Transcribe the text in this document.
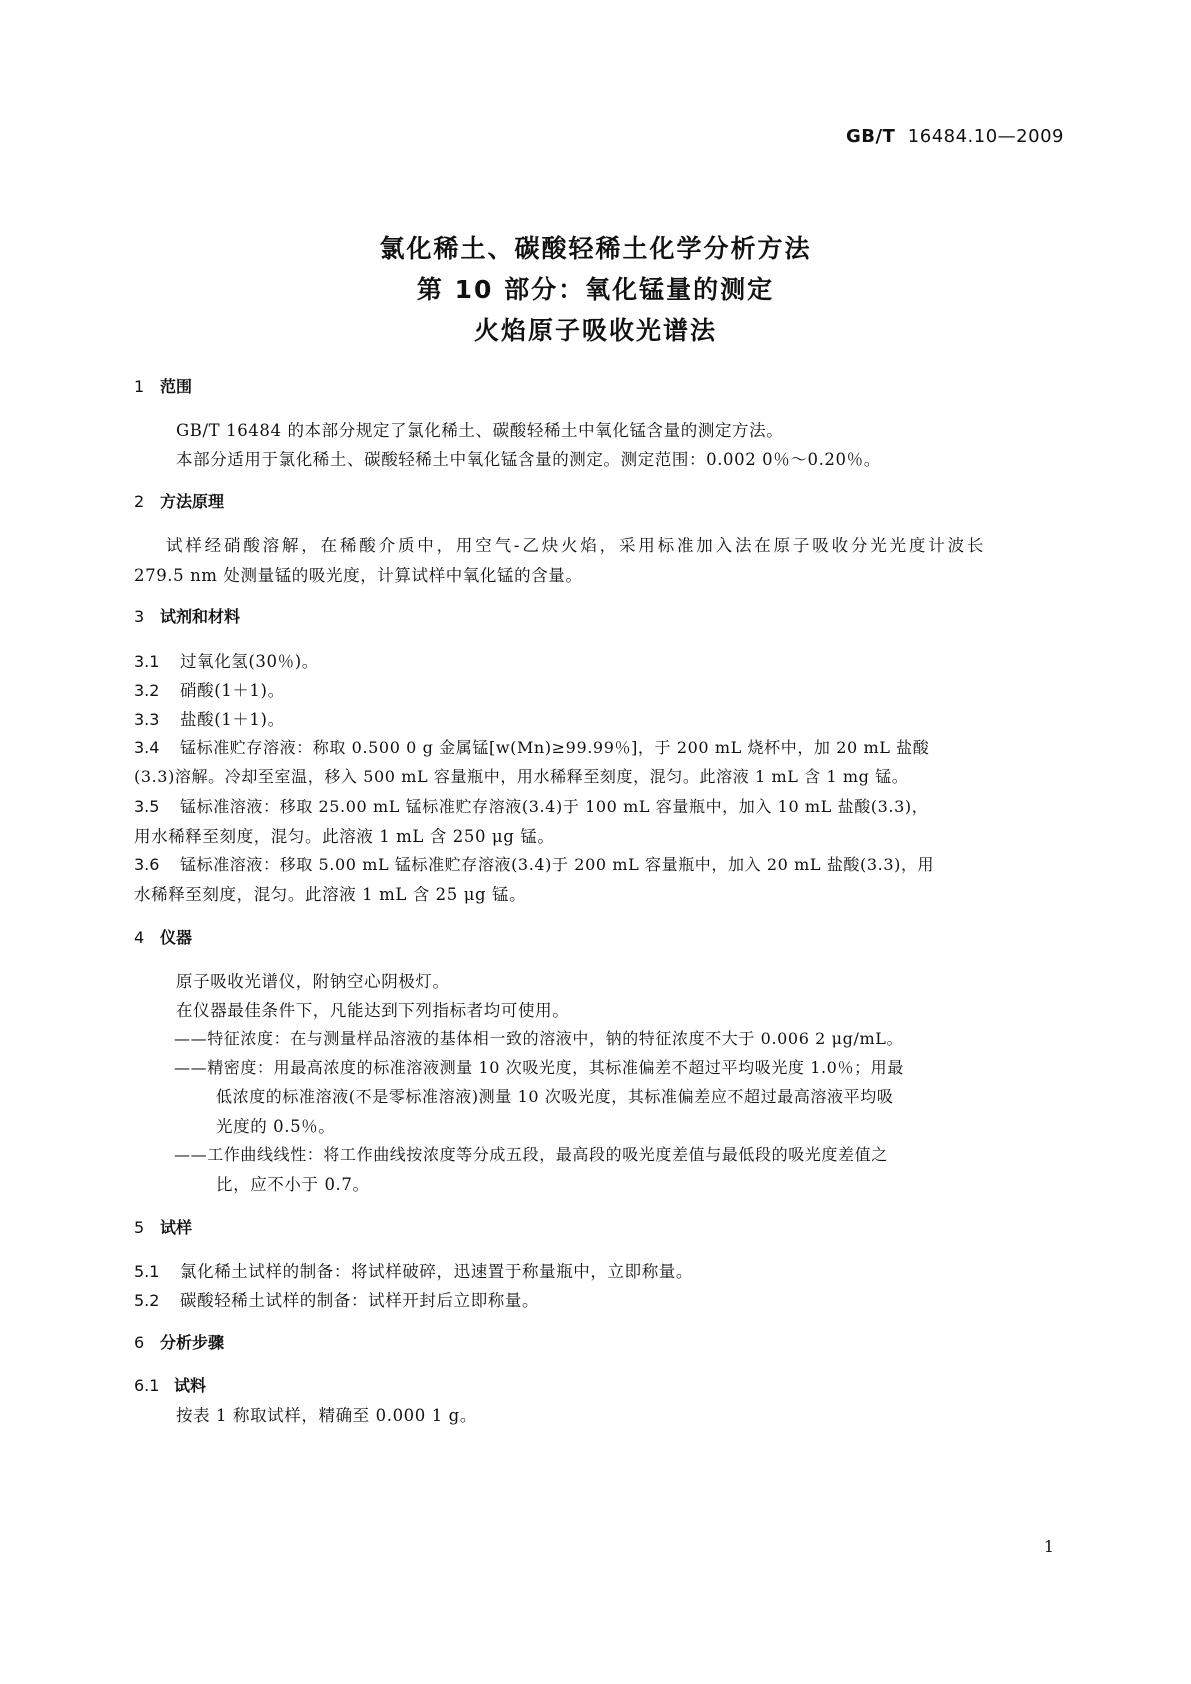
GB/T 16484.10—2009
氯化稀土、碳酸轻稀土化学分析方法
第 10 部分：氧化锰量的测定
火焰原子吸收光谱法
1 范围
GB/T 16484 的本部分规定了氯化稀土、碳酸轻稀土中氧化锰含量的测定方法。
本部分适用于氯化稀土、碳酸轻稀土中氧化锰含量的测定。测定范围：0.002 0％～0.20％。
2 方法原理
试样经硝酸溶解，在稀酸介质中，用空气-乙炔火焰，采用标准加入法在原子吸收分光光度计波长
279.5 nm 处测量锰的吸光度，计算试样中氧化锰的含量。
3 试剂和材料
3.1 过氧化氢(30％)。
3.2 硝酸(1＋1)。
3.3 盐酸(1＋1)。
3.4 锰标准贮存溶液：称取 0.500 0 g 金属锰[w(Mn)≥99.99％]，于 200 mL 烧杯中，加 20 mL 盐酸
(3.3)溶解。冷却至室温，移入 500 mL 容量瓶中，用水稀释至刻度，混匀。此溶液 1 mL 含 1 mg 锰。
3.5 锰标准溶液：移取 25.00 mL 锰标准贮存溶液(3.4)于 100 mL 容量瓶中，加入 10 mL 盐酸(3.3)，
用水稀释至刻度，混匀。此溶液 1 mL 含 250 μg 锰。
3.6 锰标准溶液：移取 5.00 mL 锰标准贮存溶液(3.4)于 200 mL 容量瓶中，加入 20 mL 盐酸(3.3)，用
水稀释至刻度，混匀。此溶液 1 mL 含 25 μg 锰。
4 仪器
原子吸收光谱仪，附钠空心阴极灯。
在仪器最佳条件下，凡能达到下列指标者均可使用。
——特征浓度：在与测量样品溶液的基体相一致的溶液中，钠的特征浓度不大于 0.006 2 μg/mL。
——精密度：用最高浓度的标准溶液测量 10 次吸光度，其标准偏差不超过平均吸光度 1.0％；用最
低浓度的标准溶液(不是零标准溶液)测量 10 次吸光度，其标准偏差应不超过最高溶液平均吸
光度的 0.5％。
——工作曲线线性：将工作曲线按浓度等分成五段，最高段的吸光度差值与最低段的吸光度差值之
比，应不小于 0.7。
5 试样
5.1 氯化稀土试样的制备：将试样破碎，迅速置于称量瓶中，立即称量。
5.2 碳酸轻稀土试样的制备：试样开封后立即称量。
6 分析步骤
6.1 试料
按表 1 称取试样，精确至 0.000 1 g。
1
